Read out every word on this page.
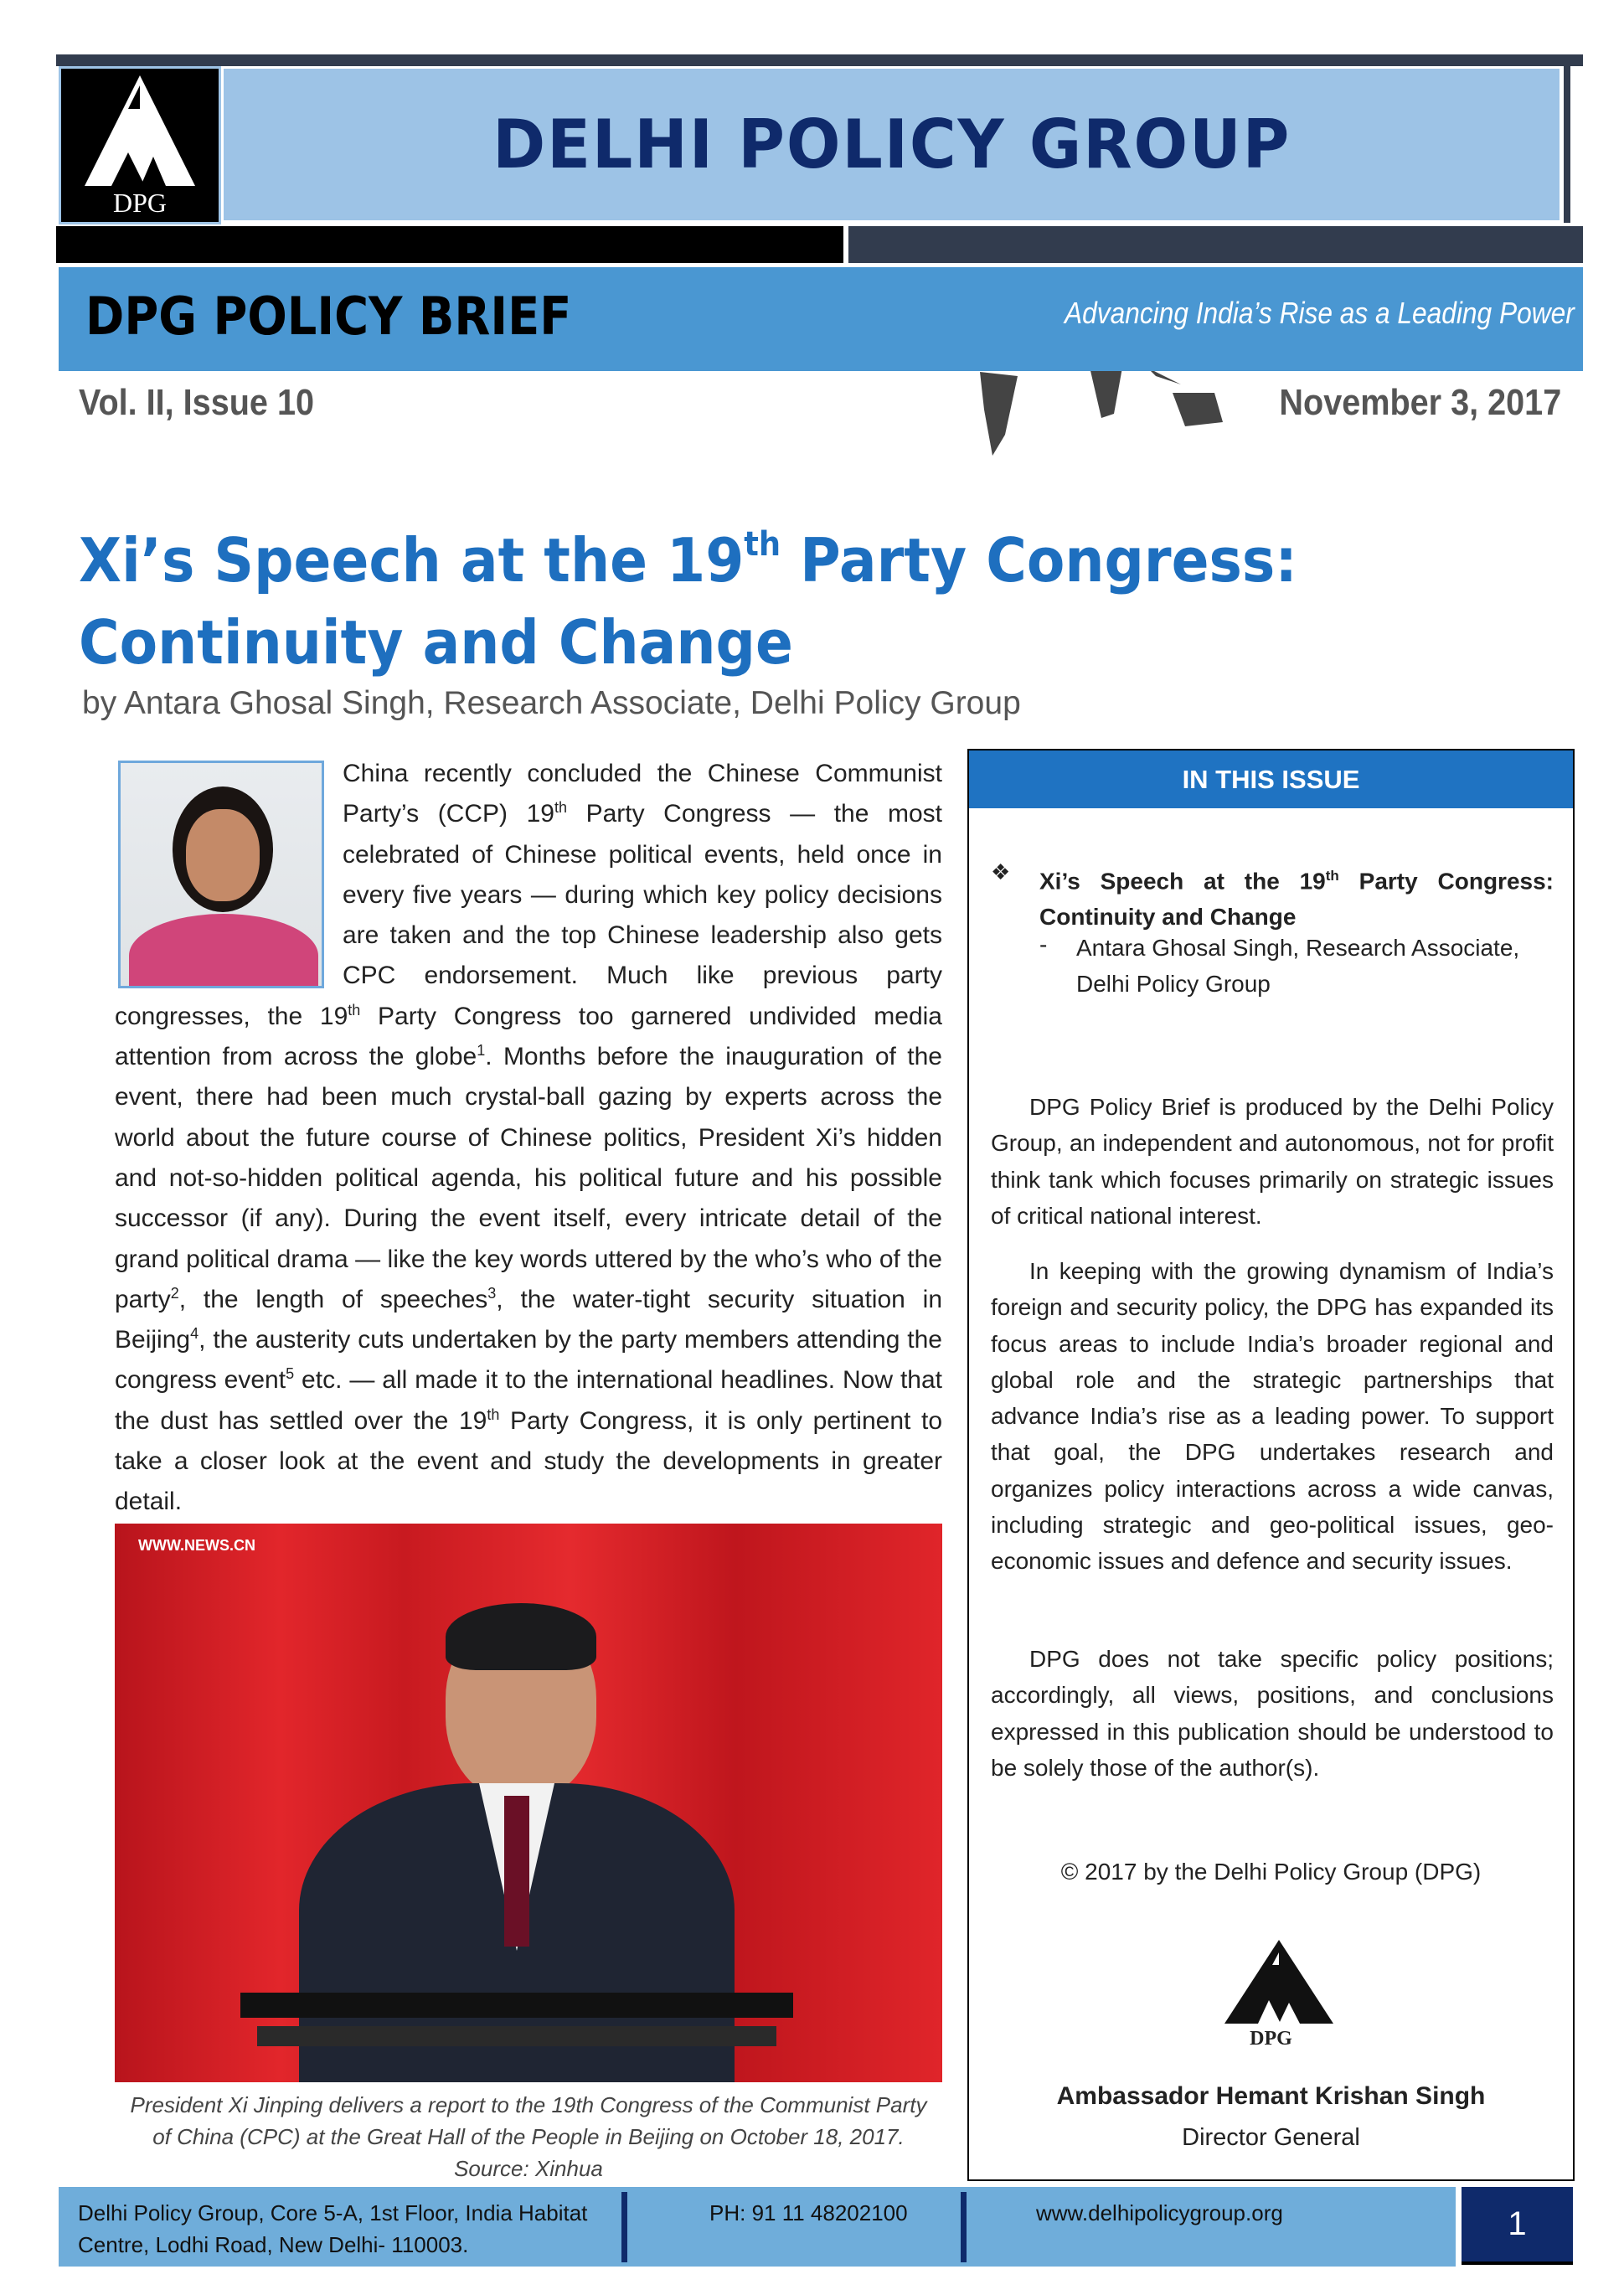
DPG
DELHI POLICY GROUP
DPG POLICY BRIEF	Advancing India’s Rise as a Leading Power
Vol. II, Issue 10	November 3, 2017
Xi’s Speech at the 19th Party Congress: Continuity and Change
by Antara Ghosal Singh, Research Associate, Delhi Policy Group
China recently concluded the Chinese Communist Party’s (CCP) 19th Party Congress — the most celebrated of Chinese political events, held once in every five years — during which key policy decisions are taken and the top Chinese leadership also gets CPC endorsement. Much like previous party congresses, the 19th Party Congress too garnered undivided media attention from across the globe$^1$. Months before the inauguration of the event, there had been much crystal-ball gazing by experts across the world about the future course of Chinese politics, President Xi’s hidden and not-so-hidden political agenda, his political future and his possible successor (if any). During the event itself, every intricate detail of the grand political drama — like the key words uttered by the who’s who of the party$^2$, the length of speeches$^3$, the water-tight security situation in Beijing$^4$, the austerity cuts undertaken by the party members attending the congress event$^5$ etc. — all made it to the international headlines. Now that the dust has settled over the 19th Party Congress, it is only pertinent to take a closer look at the event and study the developments in greater detail.
WWW.NEWS.CN
President Xi Jinping delivers a report to the 19th Congress of the Communist Party
of China (CPC) at the Great Hall of the People in Beijing on October 18, 2017.
Source: Xinhua
IN THIS ISSUE
❖ Xi’s Speech at the 19th Party Congress: Continuity and Change
- Antara Ghosal Singh, Research Associate, Delhi Policy Group
DPG Policy Brief is produced by the Delhi Policy Group, an independent and autonomous, not for profit think tank which focuses primarily on strategic issues of critical national interest.
In keeping with the growing dynamism of India’s foreign and security policy, the DPG has expanded its focus areas to include India’s broader regional and global role and the strategic partnerships that advance India’s rise as a leading power. To support that goal, the DPG undertakes research and organizes policy interactions across a wide canvas, including strategic and geo-political issues, geo-economic issues and defence and security issues.
DPG does not take specific policy positions; accordingly, all views, positions, and conclusions expressed in this publication should be understood to be solely those of the author(s).
© 2017 by the Delhi Policy Group (DPG)
DPG
Ambassador Hemant Krishan Singh
Director General
Delhi Policy Group, Core 5-A, 1st Floor, India Habitat
Centre, Lodhi Road, New Delhi- 110003.
PH: 91 11 48202100	www.delhipolicygroup.org	1
